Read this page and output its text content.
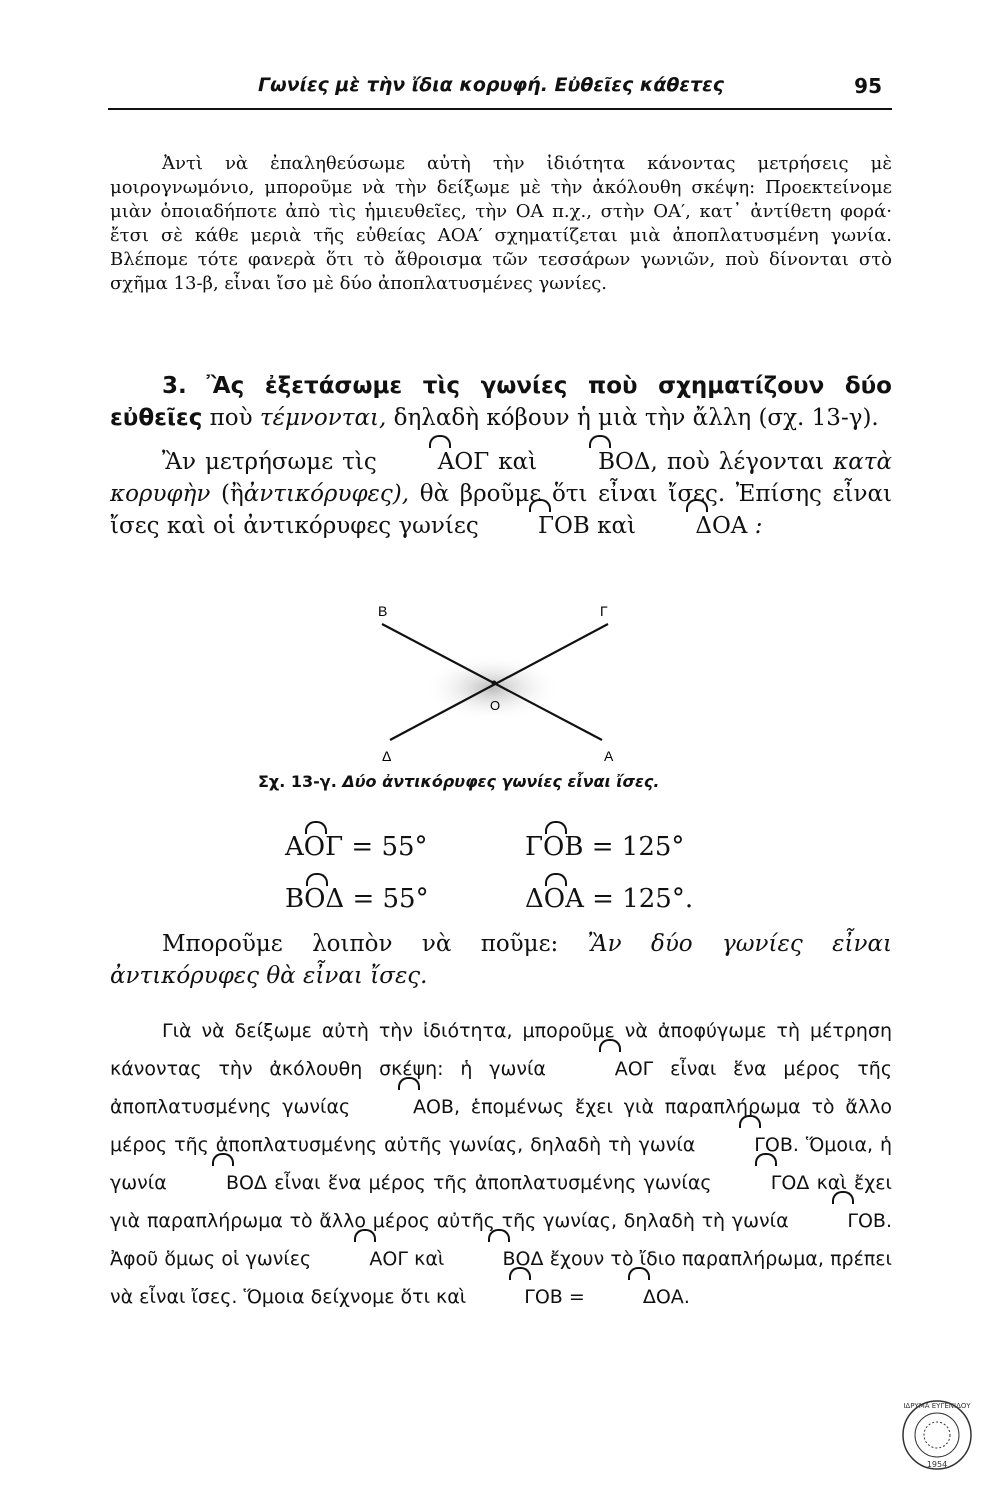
Γωνίες μὲ τὴν ἴδια κορυφή. Εὐθεῖες κάθετες	95

Ἀντὶ νὰ ἐπαληθεύσωμε αὐτὴ τὴν ἰδιότητα κάνοντας μετρήσεις μὲ μοιρογνωμόνιο, μποροῦμε νὰ τὴν δείξωμε μὲ τὴν ἀκόλουθη σκέψη: Προεκτείνομε μιὰν ὁποιαδήποτε ἀπὸ τὶς ἡμιευθεῖες, τὴν ΟΑ π.χ., στὴν ΟΑ′, κατ᾽ ἀντίθετη φορά· ἔτσι σὲ κάθε μεριὰ τῆς εὐθείας ΑΟΑ′ σχηματίζεται μιὰ ἀποπλατυσμένη γωνία. Βλέπομε τότε φανερὰ ὅτι τὸ ἄθροισμα τῶν τεσσάρων γωνιῶν, ποὺ δίνονται στὸ σχῆμα 13-β, εἶναι ἴσο μὲ δύο ἀποπλατυσμένες γωνίες.

3. Ἂς ἐξετάσωμε τὶς γωνίες ποὺ σχηματίζουν δύο εὐθεῖες ποὺ τέμνονται, δηλαδὴ κόβουν ἡ μιὰ τὴν ἄλλη (σχ. 13-γ).

Ἂν μετρήσωμε τὶς	ΑΟΓ καὶ	ΒΟΔ, ποὺ λέγονται κατὰ κορυφὴν (ἢἀντικόρυφες), θὰ βροῦμε ὅτι εἶναι ἴσες. Ἐπίσης εἶναι ἴσες καὶ οἱ ἀντικόρυφες γωνίες	ΓΟΒ καὶ	ΔΟΑ :

Β	Γ
Ο
Δ	Α
Σχ. 13-γ. Δύο ἀντικόρυφες γωνίες εἶναι ἴσες.
ΑΟΓ = 55°	ΓΟΒ = 125°
ΒΟΔ = 55°	ΔΟΑ = 125°.

Μποροῦμε λοιπὸν νὰ ποῦμε: Ἂν δύο γωνίες εἶναι ἀντικόρυφες θὰ εἶναι ἴσες.

Γιὰ νὰ δείξωμε αὐτὴ τὴν ἰδιότητα, μποροῦμε νὰ ἀποφύγωμε τὴ μέτρηση κάνοντας τὴν ἀκόλουθη σκέψη: ἡ γωνία	ΑΟΓ εἶναι ἕνα μέρος τῆς ἀποπλατυσμένης γωνίας	ΑΟΒ, ἑπομένως ἔχει γιὰ παραπλήρωμα τὸ ἄλλο μέρος τῆς ἀποπλατυσμένης αὐτῆς γωνίας, δηλαδὴ τὴ γωνία	ΓΟΒ. Ὅμοια, ἡ γωνία	ΒΟΔ εἶναι ἕνα μέρος τῆς ἀποπλατυσμένης γωνίας	ΓΟΔ καὶ ἔχει γιὰ παραπλήρωμα τὸ ἄλλο μέρος αὐτῆς τῆς γωνίας, δηλαδὴ τὴ γωνία	ΓΟΒ. Ἀφοῦ ὅμως οἱ γωνίες	ΑΟΓ καὶ	ΒΟΔ ἔχουν τὸ ἴδιο παραπλήρωμα, πρέπει νὰ εἶναι ἴσες. Ὅμοια δείχνομε ὅτι καὶ	ΓΟΒ =	ΔΟΑ.

ΙΔΡΥΜΑ ΕΥΓΕΝΙΔΟΥ
1954
